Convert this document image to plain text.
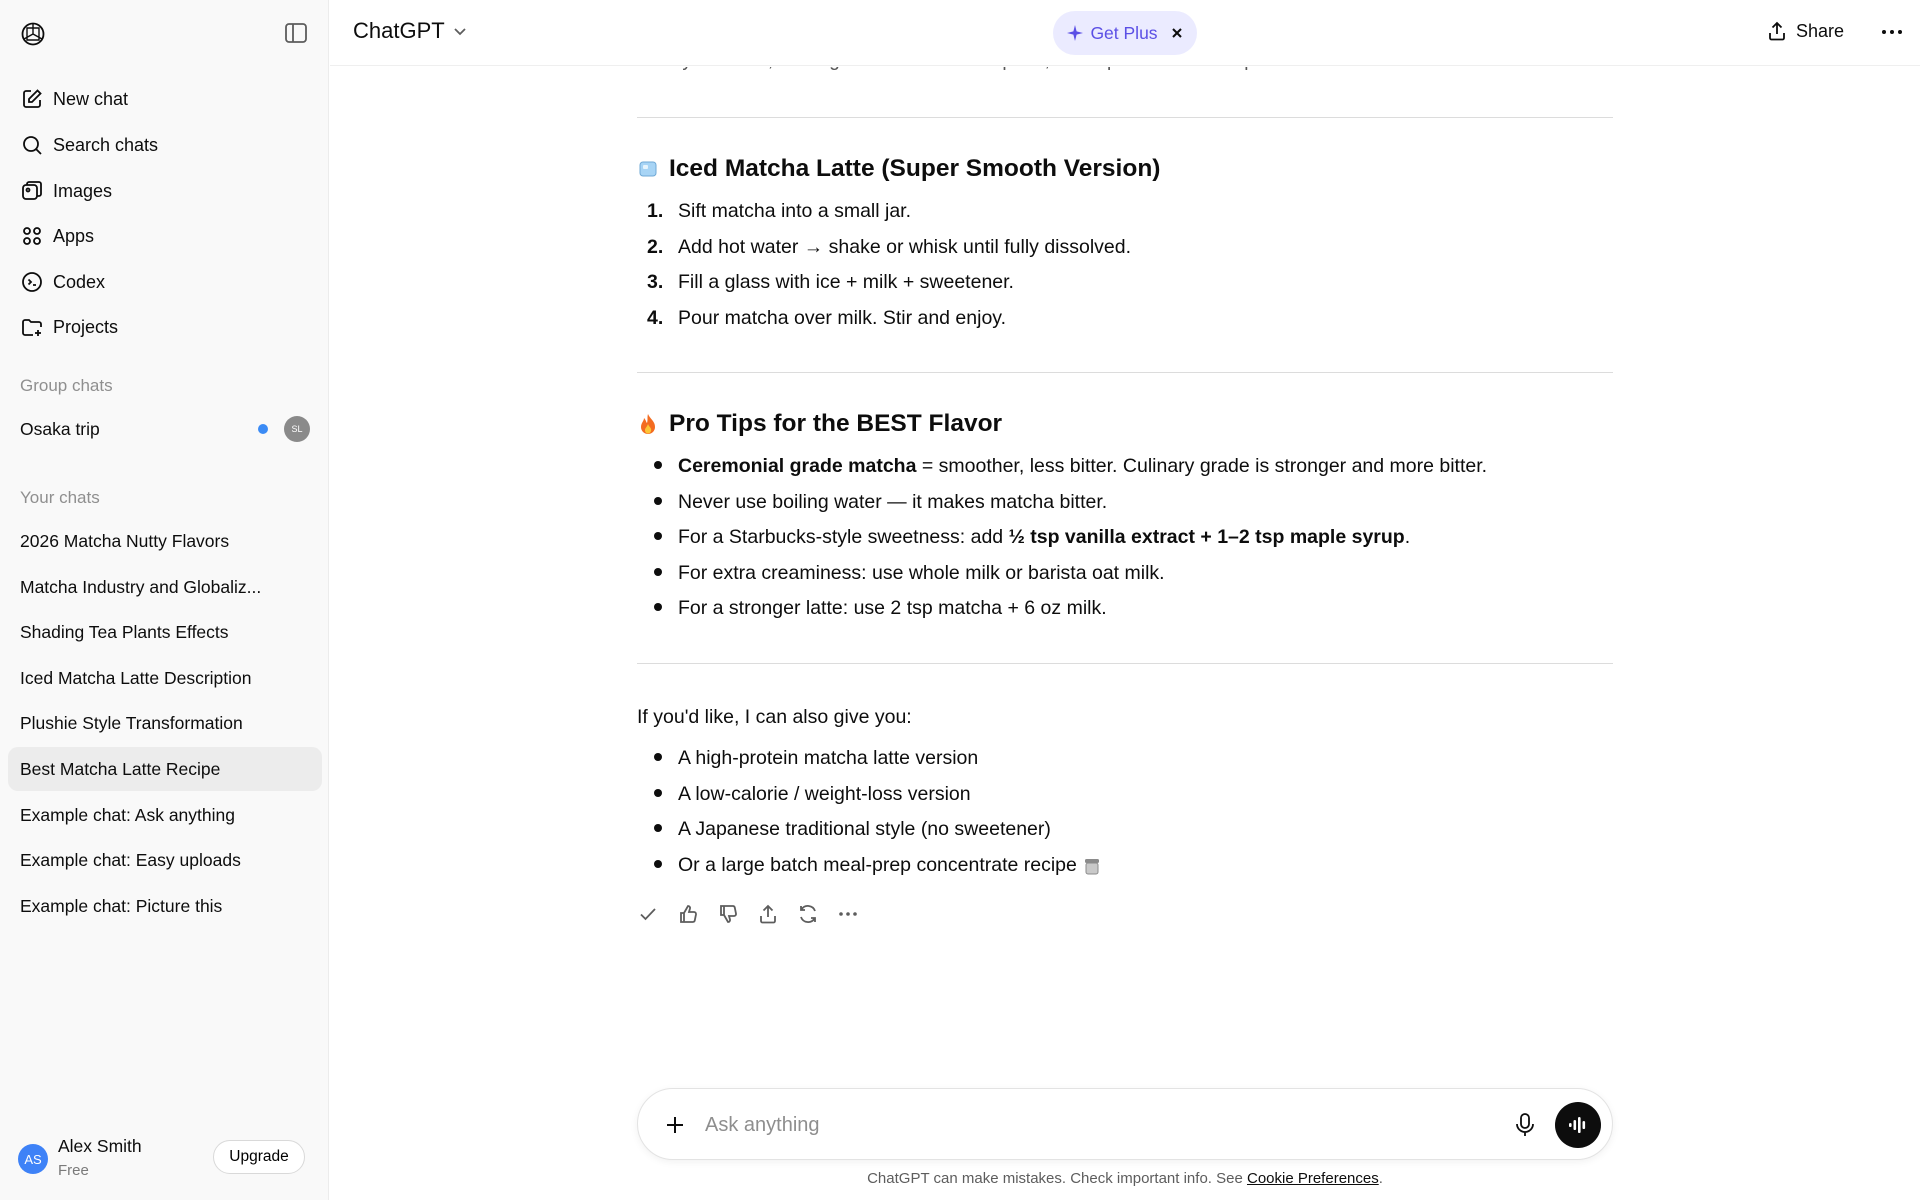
New chat
Search chats
Images
Apps
Codex
Projects
Group chats
Osaka trip	SL
Your chats
2026 Matcha Nutty Flavors
Matcha Industry and Globaliz...
Shading Tea Plants Effects
Iced Matcha Latte Description
Plushie Style Transformation
Best Matcha Latte Recipe
Example chat: Ask anything
Example chat: Easy uploads
Example chat: Picture this
AS
Alex Smith
Free
Upgrade
ChatGPT	Get Plus	Share
Iced Matcha Latte (Super Smooth Version)
1. Sift matcha into a small jar.
2. Add hot water → shake or whisk until fully dissolved.
3. Fill a glass with ice + milk + sweetener.
4. Pour matcha over milk. Stir and enjoy.
Pro Tips for the BEST Flavor
Ceremonial grade matcha = smoother, less bitter. Culinary grade is stronger and more bitter.
Never use boiling water — it makes matcha bitter.
For a Starbucks-style sweetness: add ½ tsp vanilla extract + 1–2 tsp maple syrup.
For extra creaminess: use whole milk or barista oat milk.
For a stronger latte: use 2 tsp matcha + 6 oz milk.
If you'd like, I can also give you:
A high-protein matcha latte version
A low-calorie / weight-loss version
A Japanese traditional style (no sweetener)
Or a large batch meal-prep concentrate recipe
Ask anything
ChatGPT can make mistakes. Check important info. See Cookie Preferences.
